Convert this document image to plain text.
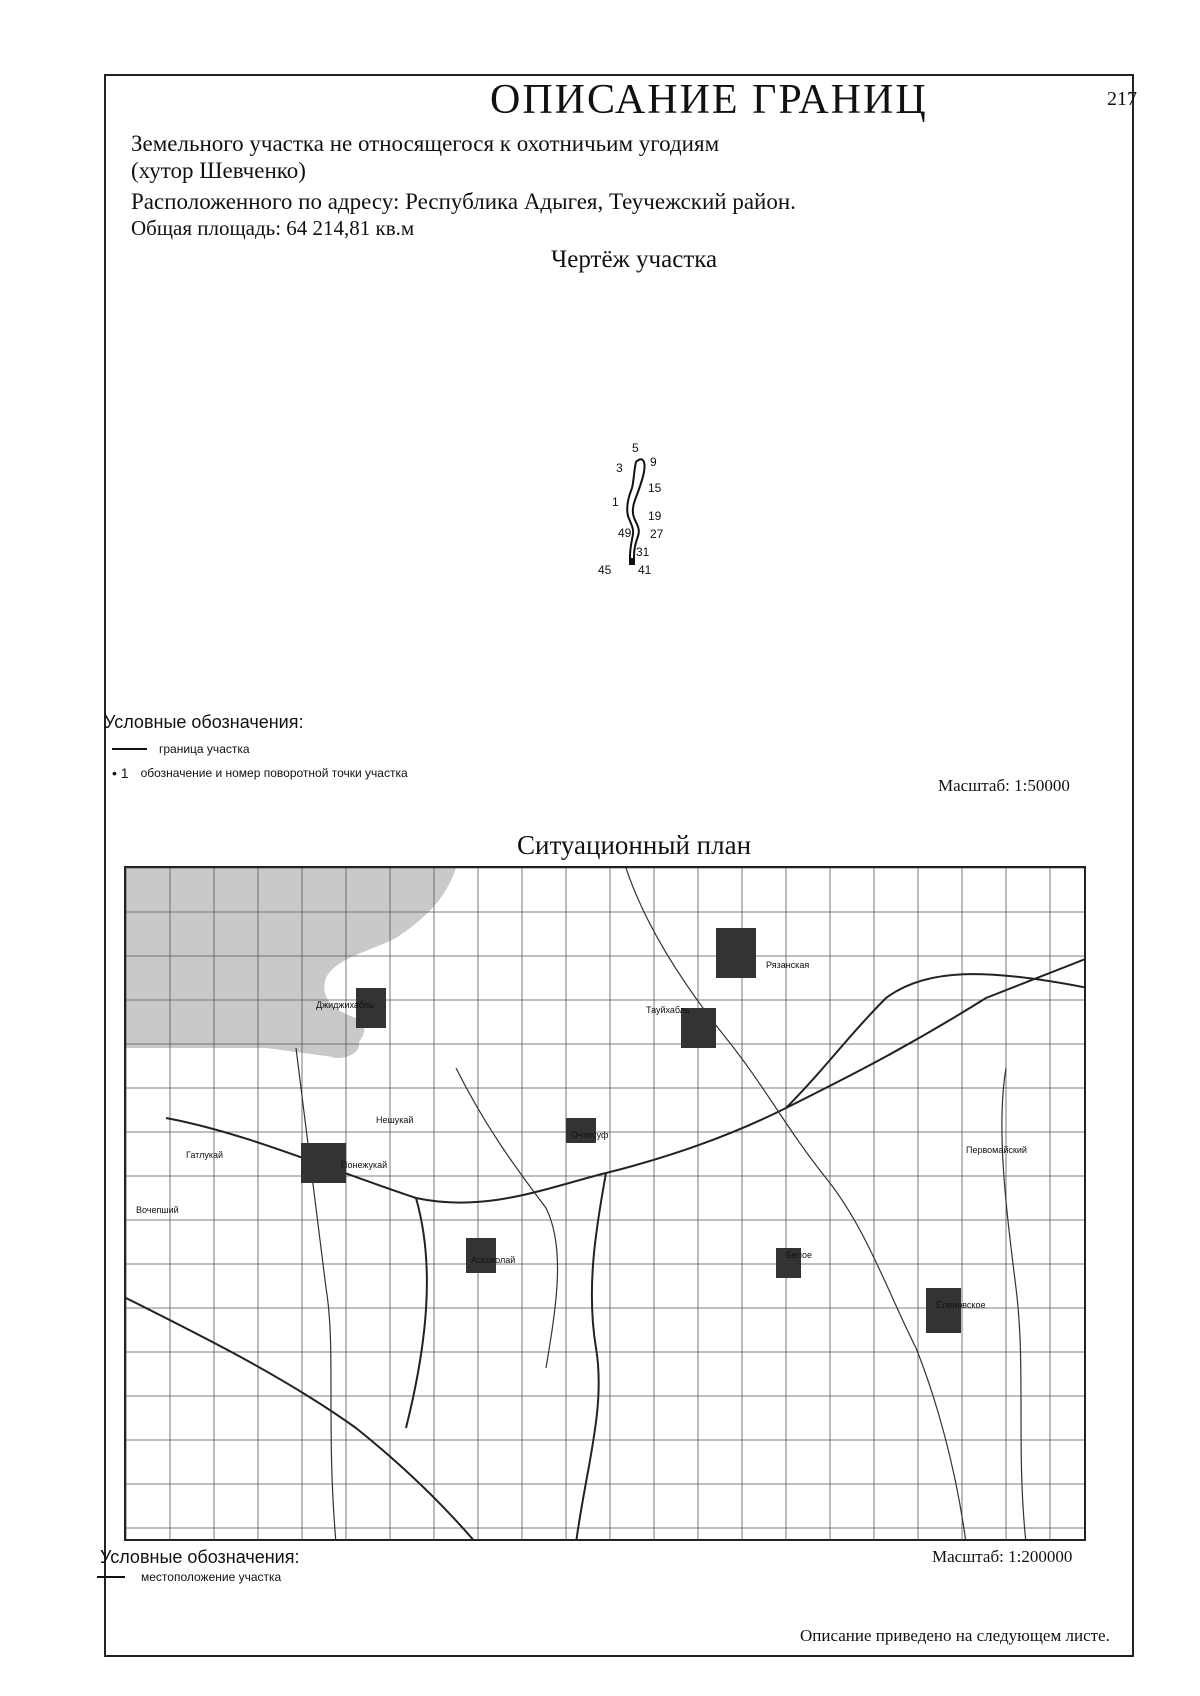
ОПИСАНИЕ ГРАНИЦ	217
Земельного участка не относящегося к охотничьим угодиям
(хутор Шевченко)
Расположенного по адресу: Республика Адыгея, Теучежский район.
Общая площадь: 64 214,81 кв.м
Чертёж участка
5
9
3
15
1
19
49 27
31
45 41
Условные обозначения:
граница участка
• 1 обозначение и номер поворотной точки участка
Масштаб: 1:50000
Ситуационный план
Рязанская
Понежукай
Ассоколай
Вочепший
Джиджихабль
Нешукай
Тауйхабль
Очэпсуф
Первомайский
Белое
Еленовское
Гатлукай
Условные обозначения:
местоположение участка
Масштаб: 1:200000
Описание приведено на следующем листе.
